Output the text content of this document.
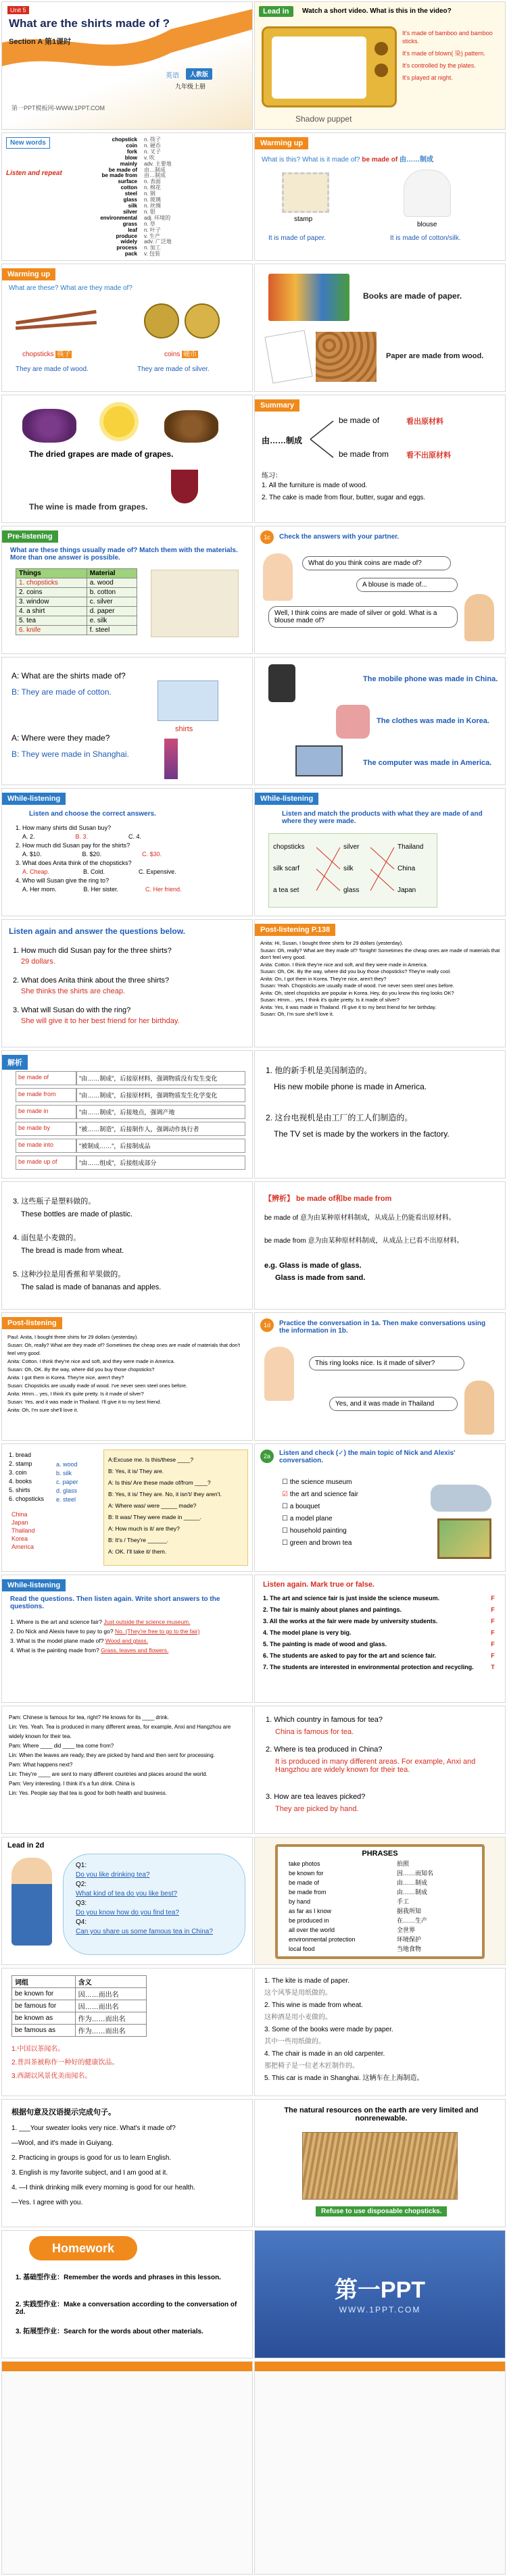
Unit 5
What are the shirts made of ?
Section A 第1课时
英语	人教版
九年级上册
第一PPT模板网-WWW.1PPT.COM
Lead in	Watch a short video. What is this in the video?
It's made of bamboo and bamboo sticks.
It's made of blown( 染) pattern.
It's controlled by the plates.
It's played at night.
Shadow puppet
New words
Listen and repeat
chopstick	n. 筷子
coin	n. 硬币
fork	n. 叉子
blow	v. 吹
mainly	adv. 主要地
be made of	由…制成
be made from	由…制成
surface	n. 表面
cotton	n. 棉花
steel	n. 钢
glass	n. 玻璃
silk	n. 丝绸
silver	n. 银
environmental	adj. 环境的
grass	n. 草
leaf	n. 叶子
produce	v. 生产
widely	adv. 广泛地
process	n. 加工
pack	v. 包装
Warming up
What is this? What is it made of? be made of 由……制成
stamp
blouse
It is made of paper.	It is made of cotton/silk.
Warming up
What are these? What are they made of?
chopsticks 筷子	coins 硬币
They are made of wood.	They are made of silver.
Books are made of paper.
Paper are made from wood.
The dried grapes are made of grapes.
The wine is made from grapes.
Summary
由……制成
be made of	看出原材料
be made from 看不出原材料
练习：
1. All the furniture is made of wood.
2. The cake is made from flour, butter, sugar and eggs.
Pre-listening
What are these things usually made of? Match them with the materials. More than one answer is possible.
Things	Material
1. chopsticks	a. wood
2. coins	b. cotton
3. window	c. silver
4. a shirt	d. paper
5. tea	e. silk
6. knife	f. steel
1c	Check the answers with your partner.
What do you think coins are made of?
A blouse is made of...
Well, I think coins are made of silver or gold. What is a blouse made of?
A: What are the shirts made of?
B: They are made of cotton.
shirts
A: Where were they made?
B: They were made in Shanghai.
The mobile phone was made in China.
The clothes was made in Korea.
The computer was made in America.
While-listening
Listen and choose the correct answers.
1. How many shirts did Susan buy?
A. 2.	B. 3.	C. 4.
2. How much did Susan pay for the shirts?
A. $10.	B. $20.	C. $30.
3. What does Anita think of the chopsticks?
A. Cheap.	B. Cold.	C. Expensive.
4. Who will Susan give the ring to?
A. Her mom.	B. Her sister.	C. Her friend.
While-listening
Listen and match the products with what they are made of and where they were made.
chopsticks
silk scarf
a tea set
silver
silk
glass
Thailand
China
Japan
Listen again and answer the questions below.
1. How much did Susan pay for the three shirts?
29 dollars.
2. What does Anita think about the three shirts?
She thinks the shirts are cheap.
3. What will Susan do with the ring?
She will give it to her best friend for her birthday.
Post-listening P.138
Anita: Hi, Susan, I bought three shirts for 29 dollars (yesterday).
Susan: Oh, really? What are they made of? Tonight! Sometimes the cheap ones are made of materials that don't feel very good.
Anita: Cotton. I think they're nice and soft, and they were made in America.
Susan: Oh, OK. By the way, where did you buy those chopsticks? They're really cool.
Anita: On, I got them in Korea. They're nice, aren't they?
Susan: Yeah. Chopsticks are usually made of wood. I've never seen steel ones before.
Anita: Oh, steel chopsticks are popular in Korea. Hey, do you know this ring looks OK?
Susan: Hmm... yes, I think it's quite pretty. Is it made of silver?
Anita: Yes, it was made in Thailand. I'll give it to my best friend for her birthday.
Susan: Oh, I'm sure she'll love it.
解析
be made of	"由……制成"，后接原材料，强调物质没有发生变化
be made from	"由……制成"，后接原材料，强调物质发生化学变化
be made in	"由……制成"，后接地点，强调产地
be made by	"被……制造"，后接制作人，强调动作执行者
be made into	"被制成……"，后接制成品
be made up of	"由……组成"，后接组成部分
1. 他的新手机是美国制造的。
His new mobile phone is made in America.
2. 这台电视机是由工厂的工人们制造的。
The TV set is made by the workers in the factory.
3. 这些瓶子是塑料做的。
These bottles are made of plastic.
4. 面包是小麦做的。
The bread is made from wheat.
5. 这种沙拉是用香蕉和苹果做的。
The salad is made of bananas and apples.
【辨析】 be made of和be made from
be made of 意为由某种原材料制成，从成品上仍能看出原材料。
be made from 意为由某种原材料制成，从成品上已看不出原材料。
e.g. Glass is made of glass.
Glass is made from sand.
Post-listening
Paul: Anita, I bought three shirts for 29 dollars (yesterday).
Susan: Oh, really? What are they made of? Sometimes the cheap ones are made of materials that don't feel very good.
Anita: Cotton. I think they're nice and soft, and they were made in America.
Susan: Oh, OK. By the way, where did you buy those chopsticks?
Anita: I got them in Korea. They're nice, aren't they?
Susan: Chopsticks are usually made of wood. I've never seen steel ones before.
Anita: Hmm... yes, I think it's quite pretty. Is it made of silver?
Susan: Yes, and it was made in Thailand. I'll give it to my best friend.
Anita: Oh, I'm sure she'll love it.
1d	Practice the conversation in 1a. Then make conversations using the information in 1b.
This ring looks nice. Is it made of silver?
Yes, and it was made in Thailand
1. bread
2. stamp
3. coin
4. books
5. shirts
6. chopsticks
a. wood
b. silk
c. paper
d. glass
e. steel
China
Japan
Thailand
Korea
America
A:Excuse me. Is this/these ____?
B: Yes, it is/ They are.
A: Is this/ Are these made of/from ____?
B: Yes, it is/ They are. No, it isn't/ they aren't.
A: Where was/ were _____ made?
B: It was/ They were made in _____.
A: How much is it/ are they?
B: It's / They're ______.
A: OK. I'll take it/ them.
2a	Listen and check (✓) the main topic of Nick and Alexis' conversation.
☐ the science museum
☑ the art and science fair
☐ a bouquet
☐ a model plane
☐ household painting
☐ green and brown tea
While-listening
Read the questions. Then listen again. Write short answers to the questions.
1. Where is the art and science fair? Just outside the science museum.
2. Do Nick and Alexis have to pay to go? No. (They're free to go to the fair)
3. What is the model plane made of? Wood and glass.
4. What is the painting made from? Grass, leaves and flowers.
Listen again. Mark true or false.
1. The art and science fair is just inside the science museum.	F
2. The fair is mainly about planes and paintings.	F
3. All the works at the fair were made by university students.	F
4. The model plane is very big.	F
5. The painting is made of wood and glass.	F
6. The students are asked to pay for the art and science fair.	F
7. The students are interested in environmental protection and recycling.	T
Pam: Chinese is famous for tea, right? He knows for its ____ drink.
Lin: Yes. Yeah. Tea is produced in many different areas, for example, Anxi and Hangzhou are widely known for their tea.
Pam: Where ____ did ____ tea come from?
Lin: When the leaves are ready, they are picked by hand and then sent for processing.
Pam: What happens next?
Lin: They're ____ are sent to many different countries and places around the world.
Pam: Very interesting. I think it's a fun drink. China is
Lin: Yes. People say that tea is good for both health and business.
1. Which country in famous for tea?
China is famous for tea.
2. Where is tea produced in China?
It is produced in many different areas. For example, Anxi and Hangzhou are widely known for their tea.
3. How are tea leaves picked?
They are picked by hand.
Lead in 2d
Q1:
Do you like drinking tea?
Q2:
What kind of tea do you like best?
Q3:
Do you know how do you find tea?
Q4:
Can you share us some famous tea in China?
PHRASES
take photos	拍照
be known for	因……而知名
be made of	由……制成
be made from	由……制成
by hand	手工
as far as I know	据我所知
be produced in	在……生产
all over the world	全世界
environmental protection	环境保护
local food	当地食物
词组	含义
be known for	因……而出名
be famous for	因……而出名
be known as	作为……而出名
be famous as	作为……而出名
1.中国以茶闻名。
2.普洱茶被称作一种好的健康饮品。
3.西湖以风景优美而闻名。
1. The kite is made of paper.
这个风筝是用纸做的。
2. This wine is made from wheat.
这种酒是用小麦做的。
3. Some of the books were made by paper.
其中一些用纸做的。
4. The chair is made in an old carpenter.
那把椅子是一位老木匠制作的。
5. This car is made in Shanghai. 这辆车在上海制造。
根据句意及汉语提示完成句子。
1. ___Your sweater looks very nice. What's it made of?
—Wool, and it's made in Guiyang.
2. Practicing in groups is good for us to learn English.
3. English is my favorite subject, and I am good at it.
4. —I think drinking milk every morning is good for our health.
—Yes. I agree with you.
The natural resources on the earth are very limited and nonrenewable.
Refuse to use disposable chopsticks.
Homework
1. 基础型作业：Remember the words and phrases in this lesson.
2. 实践型作业：Make a conversation according to the conversation of 2d.
3. 拓展型作业：Search for the words about other materials.
第一PPT
WWW.1PPT.COM
